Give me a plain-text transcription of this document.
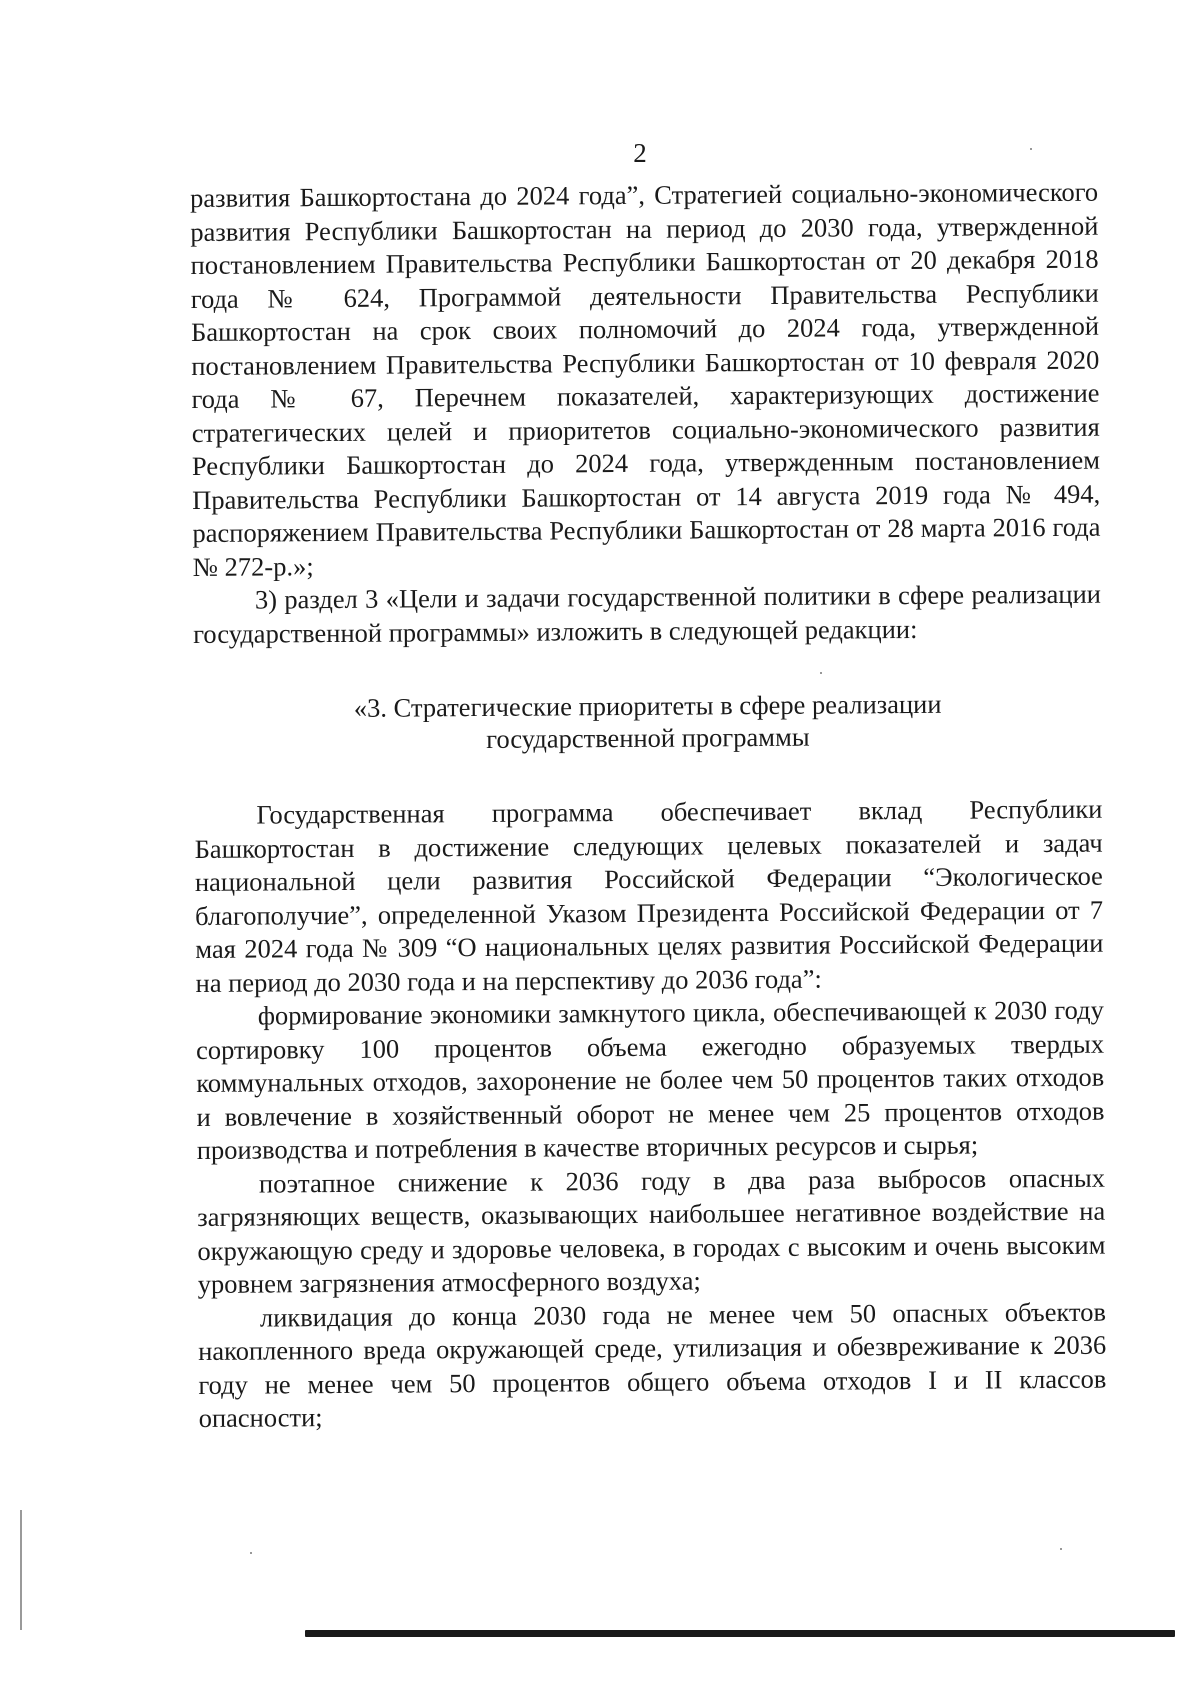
2

развития Башкортостана до 2024 года”, Стратегией социально-экономического развития Республики Башкортостан на период до 2030 года, утвержденной постановлением Правительства Республики Башкортостан от 20 декабря 2018 года № 624, Программой деятельности Правительства Республики Башкортостан на срок своих полномочий до 2024 года, утвержденной постановлением Правительства Республики Башкортостан от 10 февраля 2020 года № 67, Перечнем показателей, характеризующих достижение стратегических целей и приоритетов социально-экономического развития Республики Башкортостан до 2024 года, утвержденным постановлением Правительства Республики Башкортостан от 14 августа 2019 года № 494, распоряжением Правительства Республики Башкортостан от 28 марта 2016 года № 272-р.»;

3) раздел 3 «Цели и задачи государственной политики в сфере реализации государственной программы» изложить в следующей редакции:

«3. Стратегические приоритеты в сфере реализации
государственной программы

Государственная программа обеспечивает вклад Республики Башкортостан в достижение следующих целевых показателей и задач национальной цели развития Российской Федерации “Экологическое благополучие”, определенной Указом Президента Российской Федерации от 7 мая 2024 года № 309 “О национальных целях развития Российской Федерации на период до 2030 года и на перспективу до 2036 года”:

формирование экономики замкнутого цикла, обеспечивающей к 2030 году сортировку 100 процентов объема ежегодно образуемых твердых коммунальных отходов, захоронение не более чем 50 процентов таких отходов и вовлечение в хозяйственный оборот не менее чем 25 процентов отходов производства и потребления в качестве вторичных ресурсов и сырья;

поэтапное снижение к 2036 году в два раза выбросов опасных загрязняющих веществ, оказывающих наибольшее негативное воздействие на окружающую среду и здоровье человека, в городах с высоким и очень высоким уровнем загрязнения атмосферного воздуха;

ликвидация до конца 2030 года не менее чем 50 опасных объектов накопленного вреда окружающей среде, утилизация и обезвреживание к 2036 году не менее чем 50 процентов общего объема отходов I и II классов опасности;
